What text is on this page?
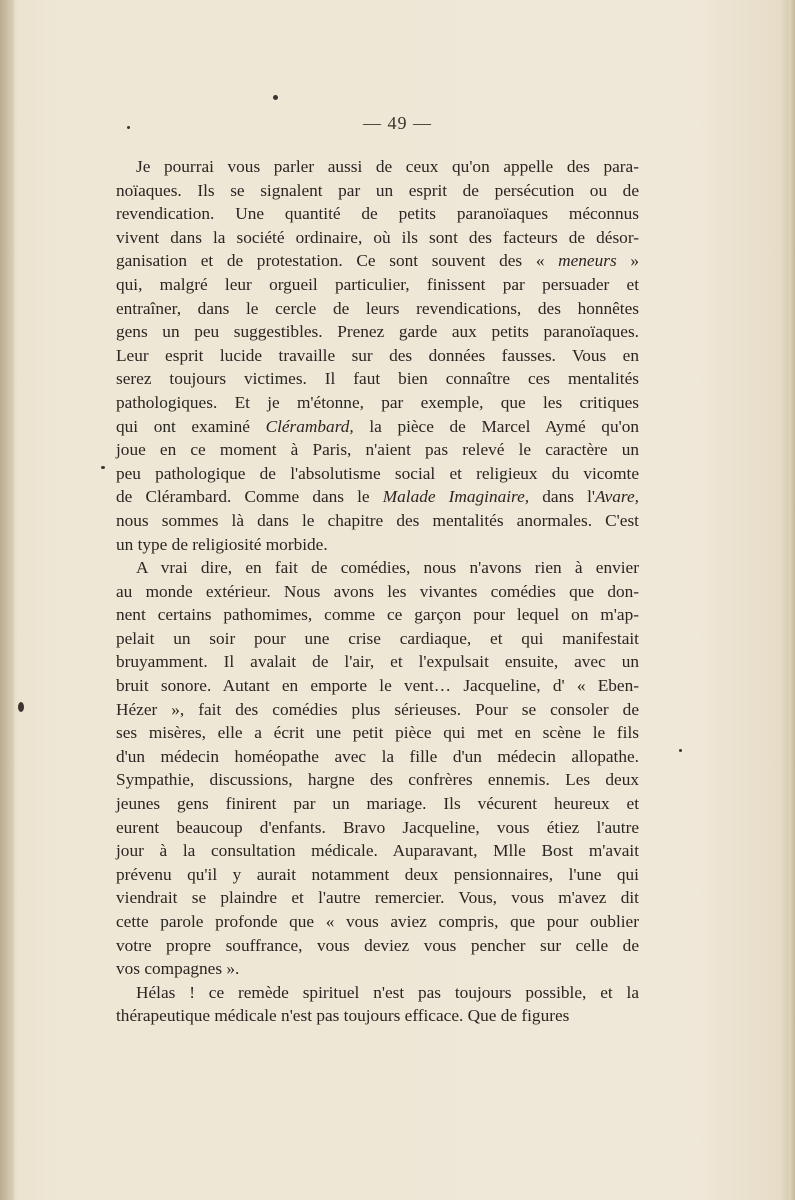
— 49 —

Je pourrai vous parler aussi de ceux qu'on appelle des para-
noïaques. Ils se signalent par un esprit de persécution ou de
revendication. Une quantité de petits paranoïaques méconnus
vivent dans la société ordinaire, où ils sont des facteurs de désor-
ganisation et de protestation. Ce sont souvent des « meneurs »
qui, malgré leur orgueil particulier, finissent par persuader et
entraîner, dans le cercle de leurs revendications, des honnêtes
gens un peu suggestibles. Prenez garde aux petits paranoïaques.
Leur esprit lucide travaille sur des données fausses. Vous en
serez toujours victimes. Il faut bien connaître ces mentalités
pathologiques. Et je m'étonne, par exemple, que les critiques
qui ont examiné Clérambard, la pièce de Marcel Aymé qu'on
joue en ce moment à Paris, n'aient pas relevé le caractère un
peu pathologique de l'absolutisme social et religieux du vicomte
de Clérambard. Comme dans le Malade Imaginaire, dans l'Avare,
nous sommes là dans le chapitre des mentalités anormales. C'est
un type de religiosité morbide.

A vrai dire, en fait de comédies, nous n'avons rien à envier
au monde extérieur. Nous avons les vivantes comédies que don-
nent certains pathomimes, comme ce garçon pour lequel on m'ap-
pelait un soir pour une crise cardiaque, et qui manifestait
bruyamment. Il avalait de l'air, et l'expulsait ensuite, avec un
bruit sonore. Autant en emporte le vent… Jacqueline, d' « Eben-
Hézer », fait des comédies plus sérieuses. Pour se consoler de
ses misères, elle a écrit une petit pièce qui met en scène le fils
d'un médecin homéopathe avec la fille d'un médecin allopathe.
Sympathie, discussions, hargne des confrères ennemis. Les deux
jeunes gens finirent par un mariage. Ils vécurent heureux et
eurent beaucoup d'enfants. Bravo Jacqueline, vous étiez l'autre
jour à la consultation médicale. Auparavant, Mlle Bost m'avait
prévenu qu'il y aurait notamment deux pensionnaires, l'une qui
viendrait se plaindre et l'autre remercier. Vous, vous m'avez dit
cette parole profonde que « vous aviez compris, que pour oublier
votre propre souffrance, vous deviez vous pencher sur celle de
vos compagnes ».

Hélas ! ce remède spirituel n'est pas toujours possible, et la
thérapeutique médicale n'est pas toujours efficace. Que de figures
